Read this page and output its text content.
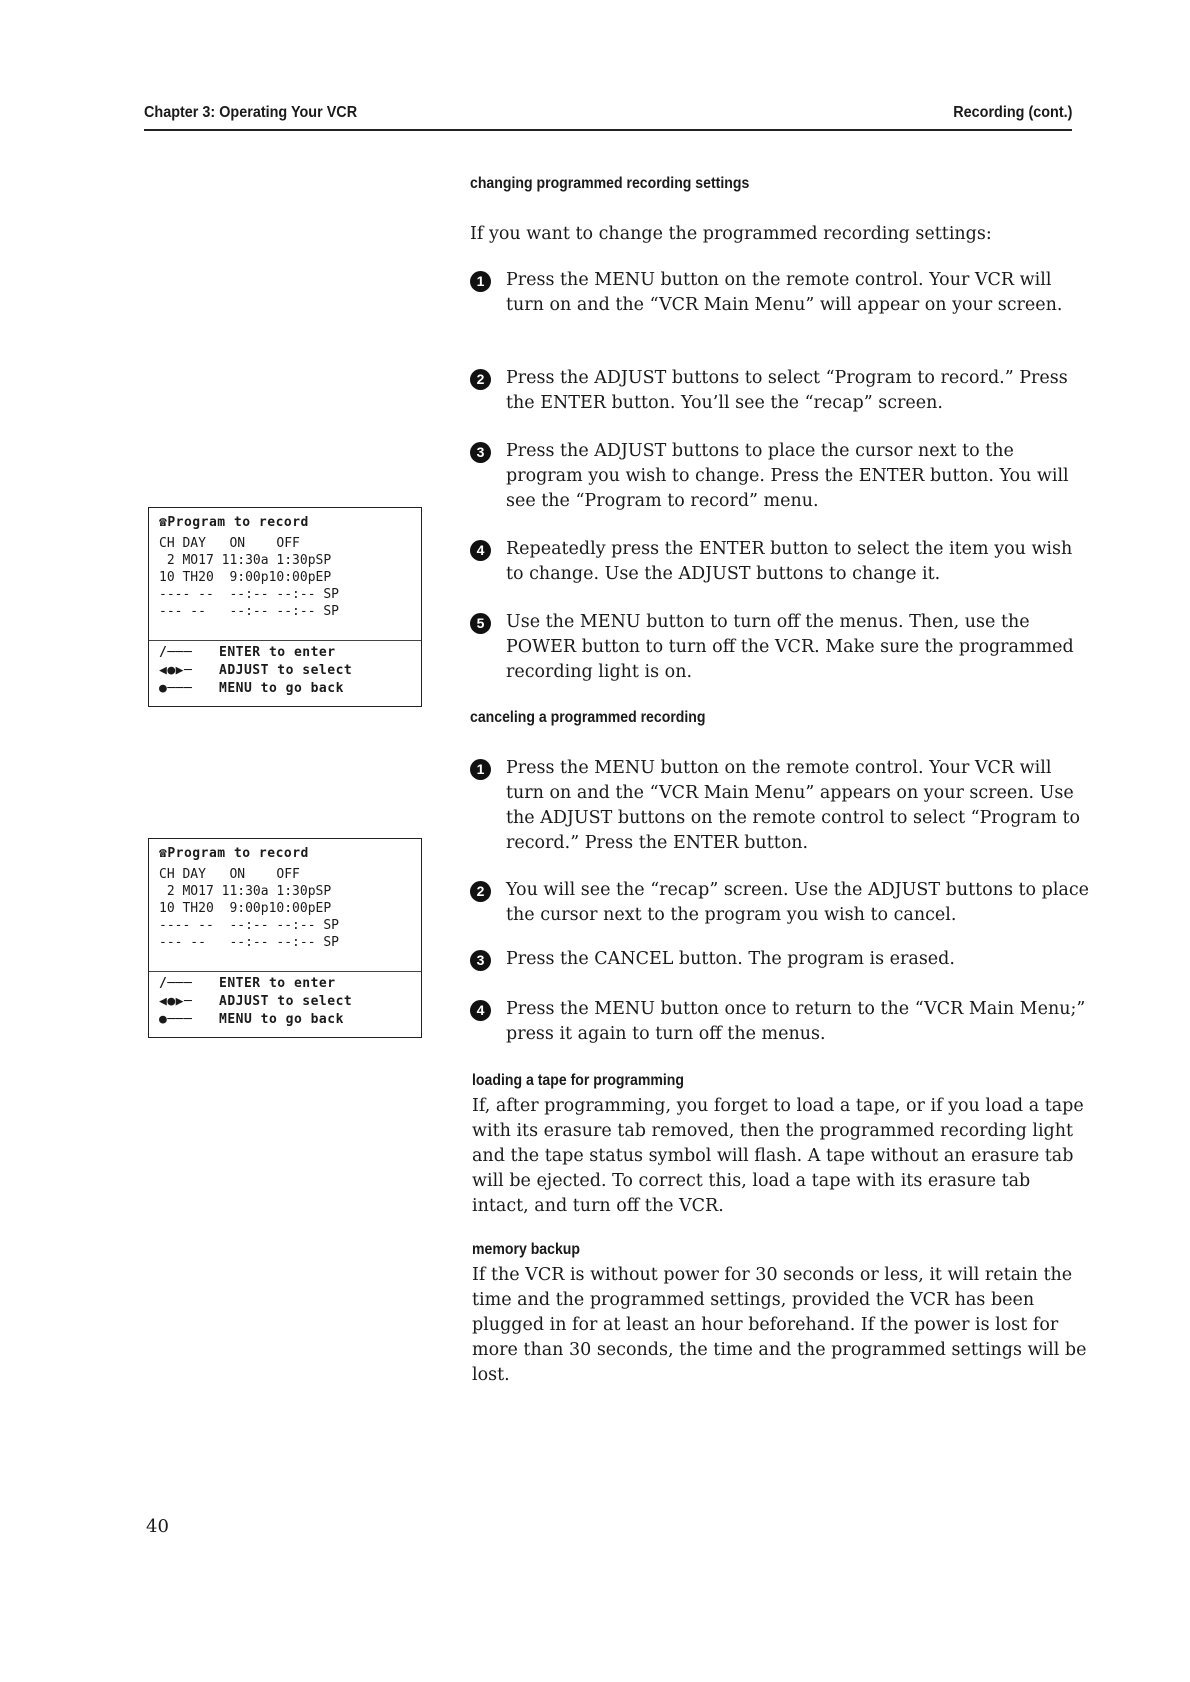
Chapter 3: Operating Your VCR	Recording (cont.)
☎Program to record
CH DAY   ON    OFF
2 MO17 11:30a 1:30pSP
10 TH20  9:00p10:00pEP
---- --  --:-- --:-- SP
--- --   --:-- --:-- SP
/─── ENTER to enter
◀●▶─ ADJUST to select
●─── MENU to go back
☎Program to record
CH DAY   ON    OFF
2 MO17 11:30a 1:30pSP
10 TH20  9:00p10:00pEP
---- --  --:-- --:-- SP
--- --   --:-- --:-- SP
/─── ENTER to enter
◀●▶─ ADJUST to select
●─── MENU to go back
changing programmed recording settings
If you want to change the programmed recording settings:
1	Press the MENU button on the remote control. Your VCR will turn on and the “VCR Main Menu” will appear on your screen.
2	Press the ADJUST buttons to select “Program to record.” Press the ENTER button. You’ll see the “recap” screen.
3	Press the ADJUST buttons to place the cursor next to the program you wish to change. Press the ENTER button. You will see the “Program to record” menu.
4	Repeatedly press the ENTER button to select the item you wish to change. Use the ADJUST buttons to change it.
5	Use the MENU button to turn off the menus. Then, use the POWER button to turn off the VCR. Make sure the programmed recording light is on.
canceling a programmed recording
1	Press the MENU button on the remote control. Your VCR will turn on and the “VCR Main Menu” appears on your screen. Use the ADJUST buttons on the remote control to select “Program to record.” Press the ENTER button.
2	You will see the “recap” screen. Use the ADJUST buttons to place the cursor next to the program you wish to cancel.
3	Press the CANCEL button. The program is erased.
4	Press the MENU button once to return to the “VCR Main Menu;” press it again to turn off the menus.
loading a tape for programming
If, after programming, you forget to load a tape, or if you load a tape with its erasure tab removed, then the programmed recording light and the tape status symbol will flash. A tape without an erasure tab will be ejected. To correct this, load a tape with its erasure tab intact, and turn off the VCR.
memory backup
If the VCR is without power for 30 seconds or less, it will retain the time and the programmed settings, provided the VCR has been plugged in for at least an hour beforehand. If the power is lost for more than 30 seconds, the time and the programmed settings will be lost.
40
